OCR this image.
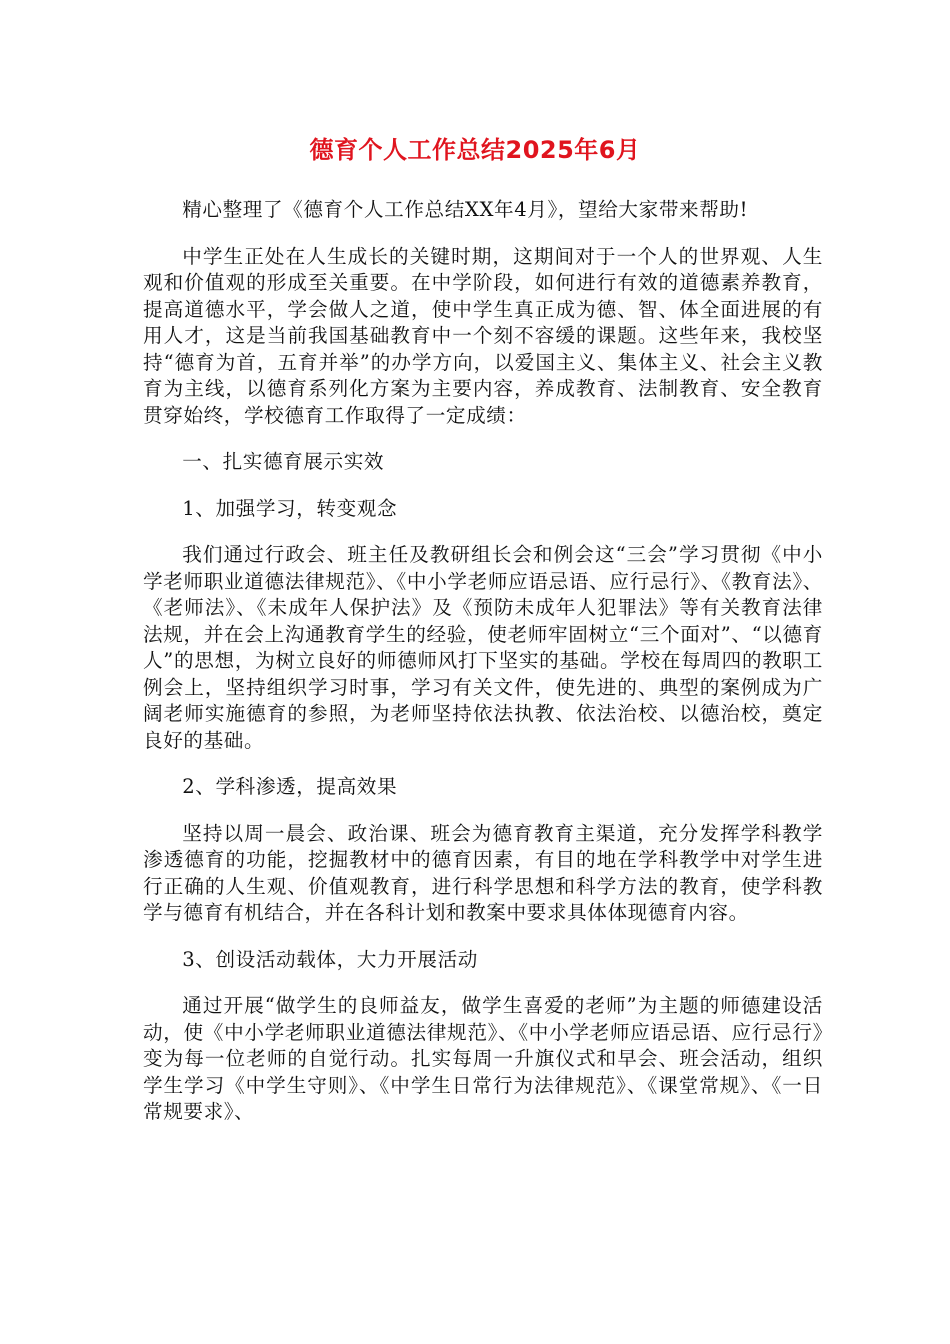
德育个人工作总结2025年6月

精心整理了《德育个人工作总结XX年4月》，望给大家带来帮助!

中学生正处在人生成长的关键时期，这期间对于一个人的世界观、人生观和价值观的形成至关重要。在中学阶段，如何进行有效的道德素养教育，提高道德水平，学会做人之道，使中学生真正成为德、智、体全面进展的有用人才，这是当前我国基础教育中一个刻不容缓的课题。这些年来，我校坚持“德育为首，五育并举”的办学方向，以爱国主义、集体主义、社会主义教育为主线，以德育系列化方案为主要内容，养成教育、法制教育、安全教育贯穿始终，学校德育工作取得了一定成绩：

一、扎实德育展示实效

1、加强学习，转变观念

我们通过行政会、班主任及教研组长会和例会这“三会”学习贯彻《中小学老师职业道德法律规范》、《中小学老师应语忌语、应行忌行》、《教育法》、《老师法》、《未成年人保护法》及《预防未成年人犯罪法》等有关教育法律法规，并在会上沟通教育学生的经验，使老师牢固树立“三个面对”、“以德育人”的思想，为树立良好的师德师风打下坚实的基础。学校在每周四的教职工例会上，坚持组织学习时事，学习有关文件，使先进的、典型的案例成为广阔老师实施德育的参照，为老师坚持依法执教、依法治校、以德治校，奠定良好的基础。

2、学科渗透，提高效果

坚持以周一晨会、政治课、班会为德育教育主渠道，充分发挥学科教学渗透德育的功能，挖掘教材中的德育因素，有目的地在学科教学中对学生进行正确的人生观、价值观教育，进行科学思想和科学方法的教育，使学科教学与德育有机结合，并在各科计划和教案中要求具体体现德育内容。

3、创设活动载体，大力开展活动

通过开展“做学生的良师益友，做学生喜爱的老师”为主题的师德建设活动，使《中小学老师职业道德法律规范》、《中小学老师应语忌语、应行忌行》变为每一位老师的自觉行动。扎实每周一升旗仪式和早会、班会活动，组织学生学习《中学生守则》、《中学生日常行为法律规范》、《课堂常规》、《一日常规要求》、
